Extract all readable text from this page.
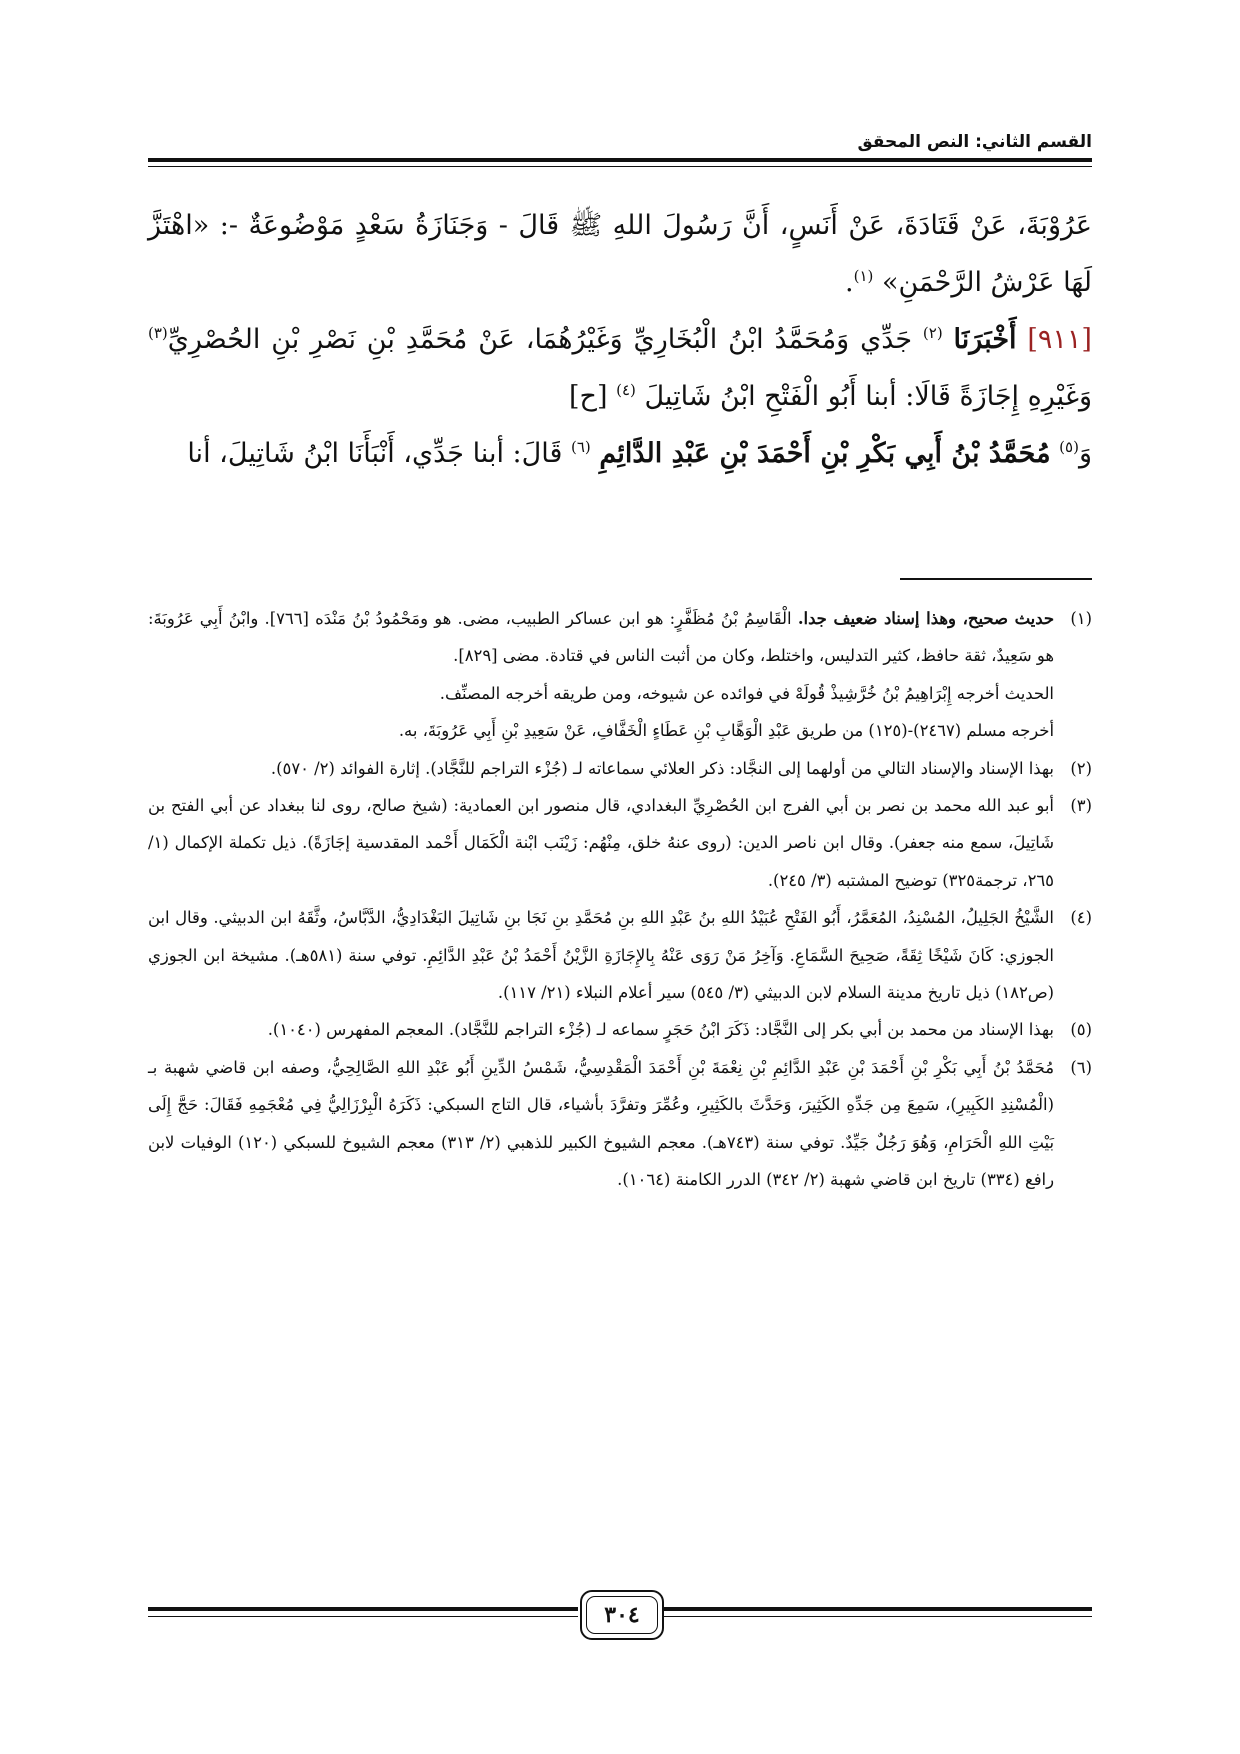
القسم الثاني: النص المحقق

عَرُوْبَةَ، عَنْ قَتَادَةَ، عَنْ أَنَسٍ، أَنَّ رَسُولَ اللهِ ﷺ قَالَ - وَجَنَازَةُ سَعْدٍ مَوْضُوعَةٌ -: «اهْتَزَّ لَهَا عَرْشُ الرَّحْمَنِ» $^{(١)}$.

[٩١١] أَخْبَرَنَا $^{(٢)}$ جَدِّي وَمُحَمَّدُ ابْنُ الْبُخَارِيِّ وَغَيْرُهُمَا، عَنْ مُحَمَّدِ بْنِ نَصْرِ بْنِ الحُصْرِيِّ$^{(٣)}$ وَغَيْرِهِ إِجَازَةً قَالَا: أبنا أَبُو الْفَتْحِ ابْنُ شَاتِيلَ $^{(٤)}$ [ح]

وَ$^{(٥)}$ مُحَمَّدُ بْنُ أَبِي بَكْرِ بْنِ أَحْمَدَ بْنِ عَبْدِ الدَّائِمِ $^{(٦)}$ قَالَ: أبنا جَدِّي، أَنْبَأَنَا ابْنُ شَاتِيلَ، أنا

(١)
حديث صحيح، وهذا إسناد ضعيف جدا. الْقَاسِمُ بْنُ مُظَفَّرٍ: هو ابن عساكر الطبيب، مضى. هو ومَحْمُودُ بْنُ مَنْدَه [٧٦٦]. وابْنُ أَبِي عَرُوبَةَ: هو سَعِيدٌ، ثقة حافظ، كثير التدليس، واختلط، وكان من أثبت الناس في قتادة. مضى [٨٢٩].

الحديث أخرجه إِبْرَاهِيمُ بْنُ خُرَّشِيذْ قُولَهْ في فوائده عن شيوخه، ومن طريقه أخرجه المصنِّف.

أخرجه مسلم (٢٤٦٧)-(١٢٥) من طريق عَبْدِ الْوَهَّابِ بْنِ عَطَاءٍ الْخَفَّافِ، عَنْ سَعِيدِ بْنِ أَبِي عَرُوبَةَ، به.

(٢)
بهذا الإسناد والإسناد التالي من أولهما إلى النجَّاد: ذكر العلائي سماعاته لـ (جُزْء التراجم للنَّجَّاد). إثارة الفوائد (٢/ ٥٧٠).
(٣)
أبو عبد الله محمد بن نصر بن أبي الفرج ابن الحُصْرِيِّ البغدادي، قال منصور ابن العمادية: (شيخ صالح، روى لنا ببغداد عن أبي الفتح بن شَاتِيلَ، سمع منه جعفر). وقال ابن ناصر الدين: (روى عنهُ خلق، مِنْهُم: زَيْنَب ابْنة الْكَمَال أَحْمد المقدسية إجَازَةً). ذيل تكملة الإكمال (١/ ٢٦٥، ترجمة٣٢٥) توضيح المشتبه (٣/ ٢٤٥).
(٤)
الشَّيْخُ الجَلِيلُ، المُسْنِدُ، المُعَمَّرُ، أَبُو الفَتْحِ عُبَيْدُ اللهِ بنُ عَبْدِ اللهِ بنِ مُحَمَّدِ بنِ نَجَا بنِ شَاتِيلَ البَغْدَادِيُّ، الدَّبَّاسُ، وثَّقَهُ ابن الدبيثي. وقال ابن الجوزي: كَانَ شَيْخًا ثِقَةً، صَحِيحَ السَّمَاعِ. وَآخِرُ مَنْ رَوَى عَنْهُ بِالإِجَازَةِ الزَّيْنُ أَحْمَدُ بْنُ عَبْدِ الدَّائِمِ. توفي سنة (٥٨١هـ). مشيخة ابن الجوزي (ص١٨٢) ذيل تاريخ مدينة السلام لابن الدبيثي (٣/ ٥٤٥) سير أعلام النبلاء (٢١/ ١١٧).
(٥)
بهذا الإسناد من محمد بن أبي بكر إلى النَّجَّاد: ذَكَرَ ابْنُ حَجَرٍ سماعه لـ (جُزْء التراجم للنَّجَّاد). المعجم المفهرس (١٠٤٠).
(٦)
مُحَمَّدُ بْنُ أَبِي بَكْرِ بْنِ أَحْمَدَ بْنِ عَبْدِ الدَّائِمِ بْنِ نِعْمَةَ بْنِ أَحْمَدَ الْمَقْدِسِيُّ، شَمْسُ الدِّينِ أَبُو عَبْدِ اللهِ الصَّالِحِيُّ، وصفه ابن قاضي شهبة بـ (الْمُسْنِدِ الكَبِيرِ)، سَمِعَ مِن جَدِّهِ الكَثِيرَ، وَحَدَّثَ بالكَثِيرِ، وعُمِّرَ وتفرَّدَ بأشياء، قال التاج السبكي: ذَكَرَهُ الْبِرْزَالِيُّ فِي مُعْجَمِهِ فَقَالَ: حَجَّ إِلَى بَيْتِ اللهِ الْحَرَامِ، وَهُوَ رَجُلٌ جَيِّدٌ. توفي سنة (٧٤٣هـ). معجم الشيوخ الكبير للذهبي (٢/ ٣١٣) معجم الشيوخ للسبكي (١٢٠) الوفيات لابن رافع (٣٣٤) تاريخ ابن قاضي شهبة (٢/ ٣٤٢) الدرر الكامنة (١٠٦٤).
٣٠٤
